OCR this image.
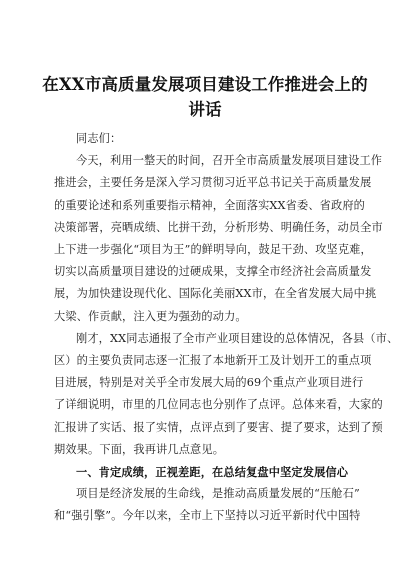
在XX市高质量发展项目建设工作推进会上的
讲话

同志们：

今天，利用一整天的时间，召开全市高质量发展项目建设工作
推进会，主要任务是深入学习贯彻习近平总书记关于高质量发展
的重要论述和系列重要指示精神，全面落实XX省委、省政府的
决策部署，亮晒成绩、比拼干劲，分析形势、明确任务，动员全市
上下进一步强化“项目为王”的鲜明导向，鼓足干劲、攻坚克难，
切实以高质量项目建设的过硬成果，支撑全市经济社会高质量发
展，为加快建设现代化、国际化美丽XX市，在全省发展大局中挑
大梁、作贡献，注入更为强劲的动力。

刚才，XX同志通报了全市产业项目建设的总体情况，各县（市、
区）的主要负责同志逐一汇报了本地新开工及计划开工的重点项
目进展，特别是对关乎全市发展大局的69个重点产业项目进行
了详细说明，市里的几位同志也分别作了点评。总体来看，大家的
汇报讲了实话、报了实情，点评点到了要害、提了要求，达到了预
期效果。下面，我再讲几点意见。

一、肯定成绩，正视差距，在总结复盘中坚定发展信心

项目是经济发展的生命线，是推动高质量发展的“压舱石”
和“强引擎”。今年以来，全市上下坚持以习近平新时代中国特
